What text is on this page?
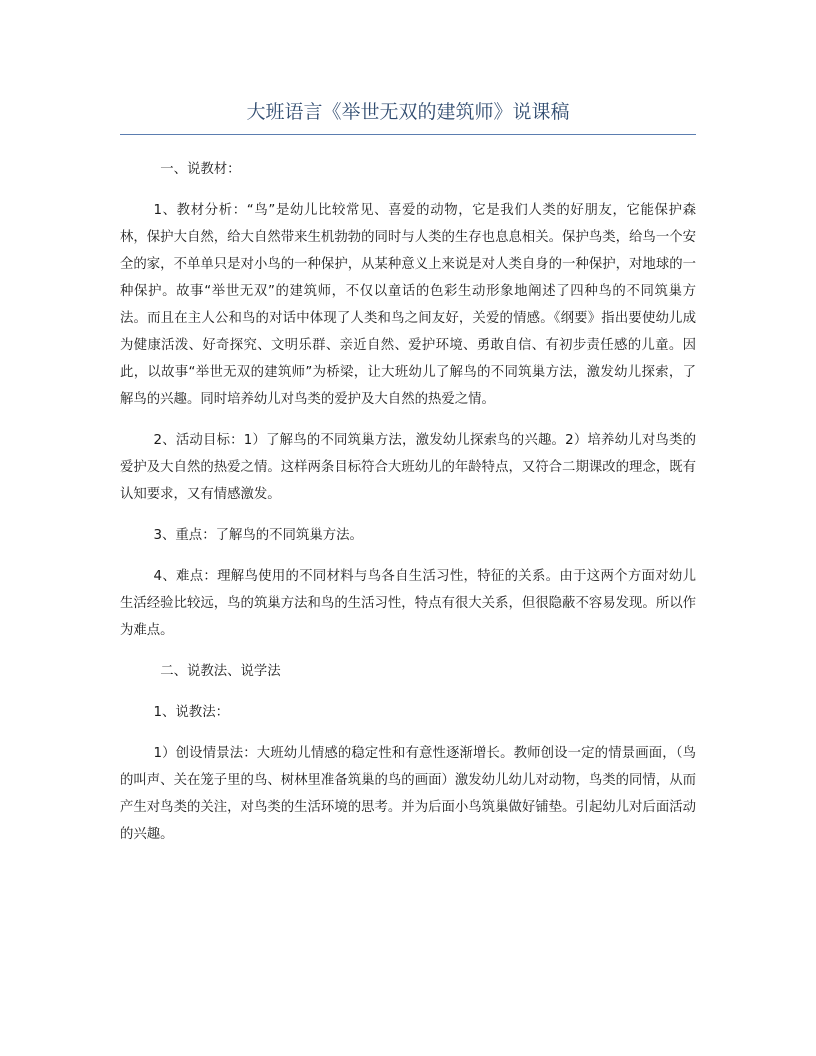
大班语言《举世无双的建筑师》说课稿

一、说教材：

1、教材分析：“鸟”是幼儿比较常见、喜爱的动物，它是我们人类的好朋友，它能保护森林，保护大自然，给大自然带来生机勃勃的同时与人类的生存也息息相关。保护鸟类，给鸟一个安全的家，不单单只是对小鸟的一种保护，从某种意义上来说是对人类自身的一种保护，对地球的一种保护。故事“举世无双”的建筑师，不仅以童话的色彩生动形象地阐述了四种鸟的不同筑巢方法。而且在主人公和鸟的对话中体现了人类和鸟之间友好，关爱的情感。《纲要》指出要使幼儿成为健康活泼、好奇探究、文明乐群、亲近自然、爱护环境、勇敢自信、有初步责任感的儿童。因此，以故事“举世无双的建筑师”为桥梁，让大班幼儿了解鸟的不同筑巢方法，激发幼儿探索，了解鸟的兴趣。同时培养幼儿对鸟类的爱护及大自然的热爱之情。

2、活动目标：1）了解鸟的不同筑巢方法，激发幼儿探索鸟的兴趣。2）培养幼儿对鸟类的爱护及大自然的热爱之情。这样两条目标符合大班幼儿的年龄特点，又符合二期课改的理念，既有认知要求，又有情感激发。

3、重点：了解鸟的不同筑巢方法。

4、难点：理解鸟使用的不同材料与鸟各自生活习性，特征的关系。由于这两个方面对幼儿生活经验比较远，鸟的筑巢方法和鸟的生活习性，特点有很大关系，但很隐蔽不容易发现。所以作为难点。

二、说教法、说学法

1、说教法：

1）创设情景法：大班幼儿情感的稳定性和有意性逐渐增长。教师创设一定的情景画面，（鸟的叫声、关在笼子里的鸟、树林里准备筑巢的鸟的画面）激发幼儿幼儿对动物，鸟类的同情，从而产生对鸟类的关注，对鸟类的生活环境的思考。并为后面小鸟筑巢做好铺垫。引起幼儿对后面活动的兴趣。
